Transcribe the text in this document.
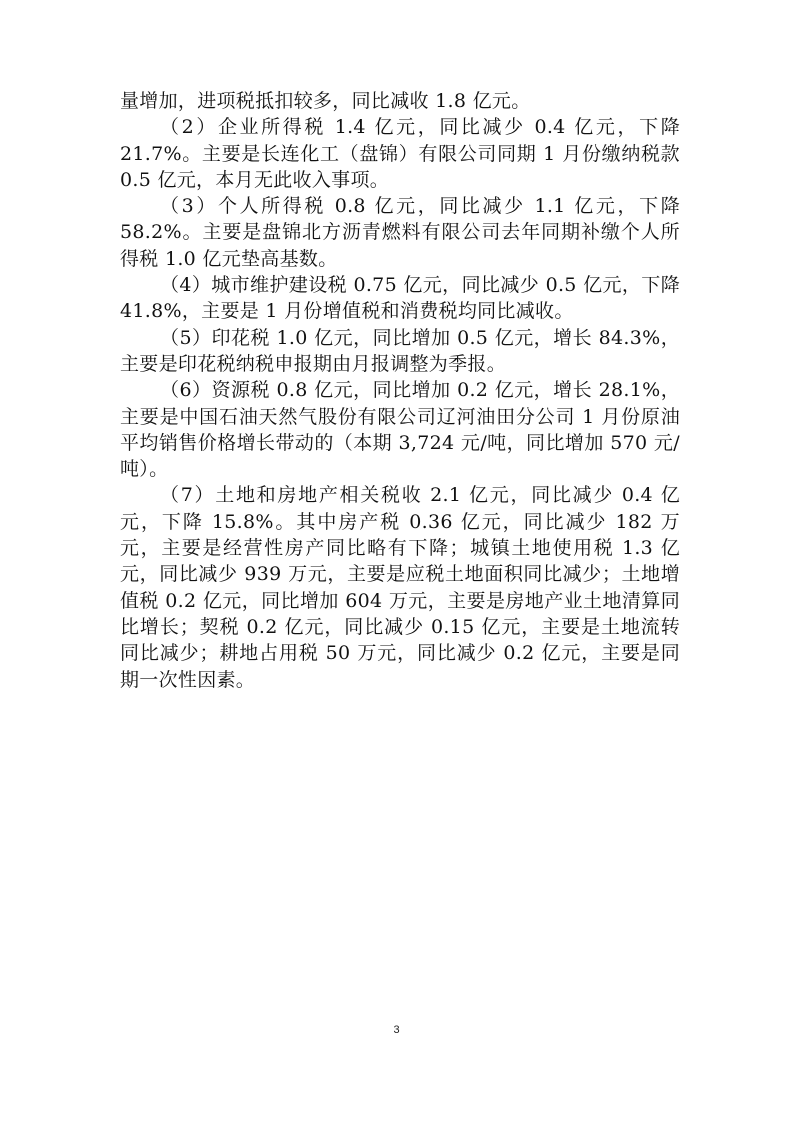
量增加，进项税抵扣较多，同比减收 1.8 亿元。

（2）企业所得税 1.4 亿元，同比减少 0.4 亿元，下降 21.7%。主要是长连化工（盘锦）有限公司同期 1 月份缴纳税款 0.5 亿元，本月无此收入事项。

（3）个人所得税 0.8 亿元，同比减少 1.1 亿元，下降 58.2%。主要是盘锦北方沥青燃料有限公司去年同期补缴个人所得税 1.0 亿元垫高基数。

（4）城市维护建设税 0.75 亿元，同比减少 0.5 亿元，下降 41.8%，主要是 1 月份增值税和消费税均同比减收。

（5）印花税 1.0 亿元，同比增加 0.5 亿元，增长 84.3%，主要是印花税纳税申报期由月报调整为季报。

（6）资源税 0.8 亿元，同比增加 0.2 亿元，增长 28.1%，主要是中国石油天然气股份有限公司辽河油田分公司 1 月份原油平均销售价格增长带动的（本期 3,724 元/吨，同比增加 570 元/吨）。

（7）土地和房地产相关税收 2.1 亿元，同比减少 0.4 亿元，下降 15.8%。其中房产税 0.36 亿元，同比减少 182 万元，主要是经营性房产同比略有下降；城镇土地使用税 1.3 亿元，同比减少 939 万元，主要是应税土地面积同比减少；土地增值税 0.2 亿元，同比增加 604 万元，主要是房地产业土地清算同比增长；契税 0.2 亿元，同比减少 0.15 亿元，主要是土地流转同比减少；耕地占用税 50 万元，同比减少 0.2 亿元，主要是同期一次性因素。

3
